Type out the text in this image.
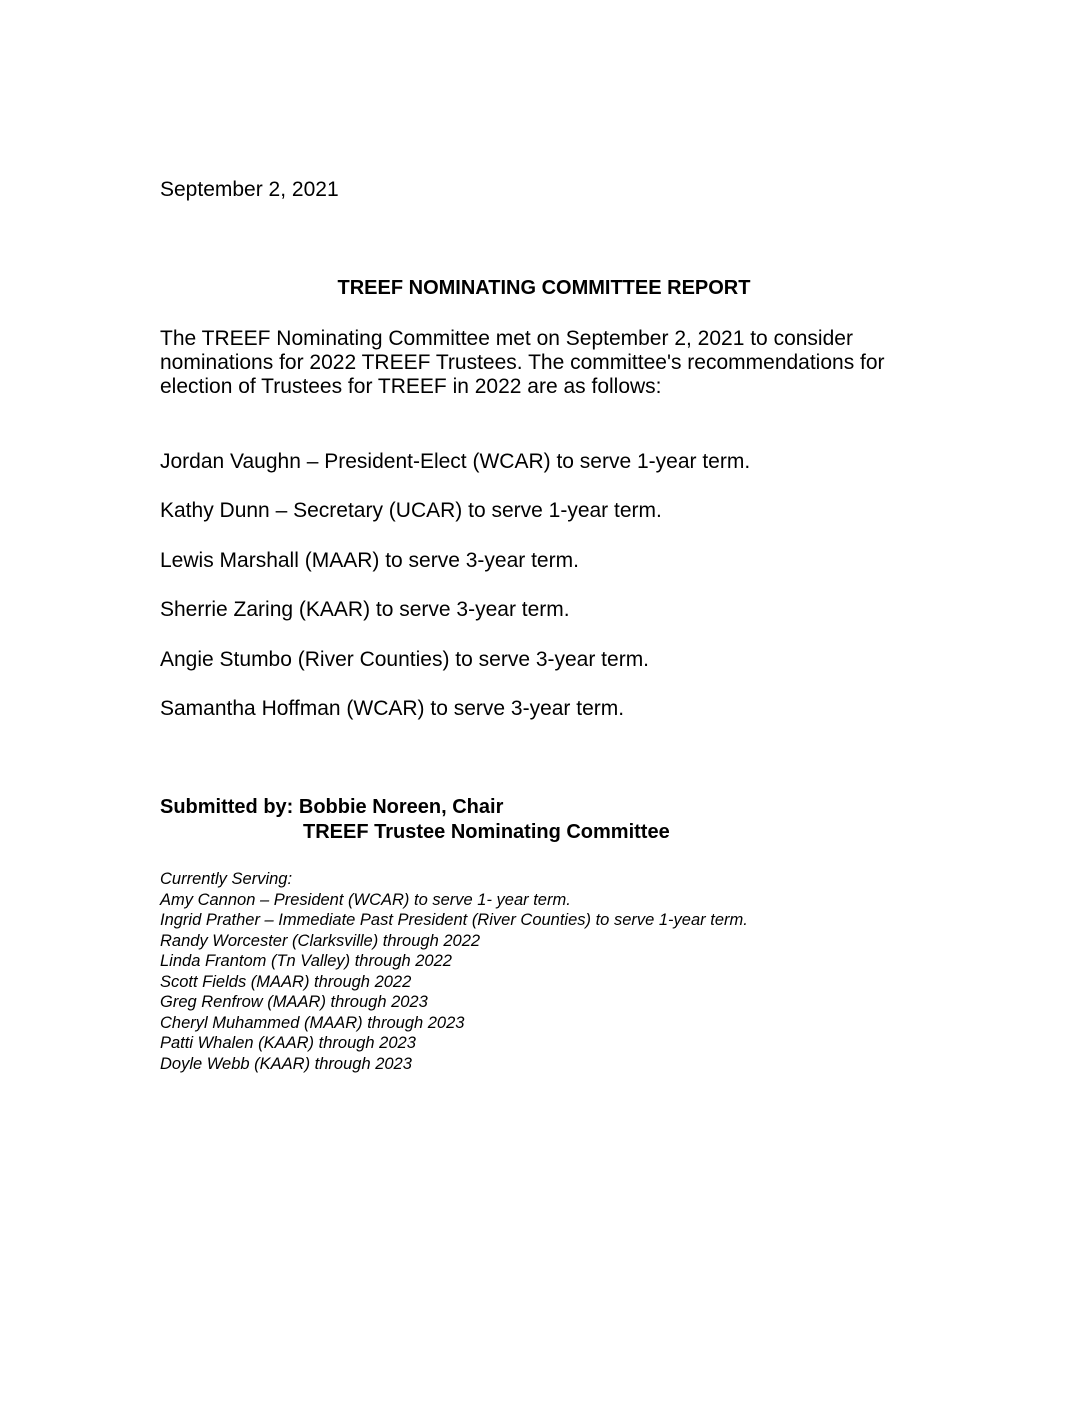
September 2, 2021
TREEF NOMINATING COMMITTEE REPORT
The TREEF Nominating Committee met on September 2, 2021 to consider
nominations for 2022 TREEF Trustees. The committee's recommendations for
election of Trustees for TREEF in 2022 are as follows:
Jordan Vaughn – President-Elect (WCAR) to serve 1-year term.
Kathy Dunn – Secretary (UCAR) to serve 1-year term.
Lewis Marshall (MAAR) to serve 3-year term.
Sherrie Zaring (KAAR) to serve 3-year term.
Angie Stumbo (River Counties) to serve 3-year term.
Samantha Hoffman (WCAR) to serve 3-year term.
Submitted by: Bobbie Noreen, Chair
TREEF Trustee Nominating Committee
Currently Serving:
Amy Cannon – President (WCAR) to serve 1- year term.
Ingrid Prather – Immediate Past President (River Counties) to serve 1-year term.
Randy Worcester (Clarksville) through 2022
Linda Frantom (Tn Valley) through 2022
Scott Fields (MAAR) through 2022
Greg Renfrow (MAAR) through 2023
Cheryl Muhammed (MAAR) through 2023
Patti Whalen (KAAR) through 2023
Doyle Webb (KAAR) through 2023
